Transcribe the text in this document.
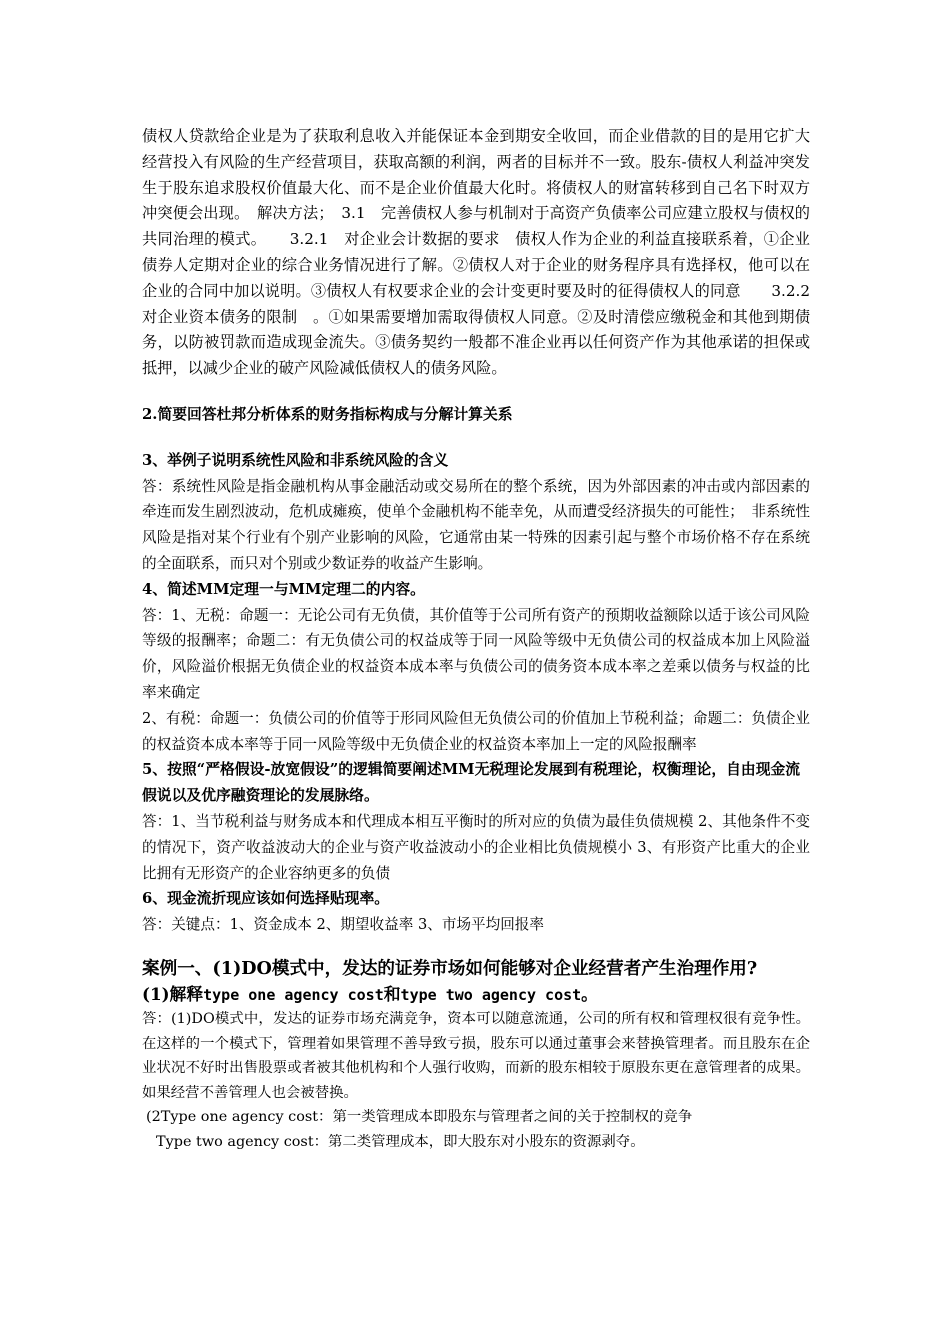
债权人贷款给企业是为了获取利息收入并能保证本金到期安全收回，而企业借款的目的是用它扩大经营投入有风险的生产经营项目，获取高额的利润，两者的目标并不一致。股东-债权人利益冲突发生于股东追求股权价值最大化、而不是企业价值最大化时。将债权人的财富转移到自己名下时双方冲突便会出现。　解决方法；　3.1　完善债权人参与机制对于高资产负债率公司应建立股权与债权的共同治理的模式。　　3.2.1　对企业会计数据的要求　债权人作为企业的利益直接联系着，①企业债券人定期对企业的综合业务情况进行了解。②债权人对于企业的财务程序具有选择权，他可以在企业的合同中加以说明。③债权人有权要求企业的会计变更时要及时的征得债权人的同意　　3.2.2　对企业资本债务的限制　。①如果需要增加需取得债权人同意。②及时清偿应缴税金和其他到期债务，以防被罚款而造成现金流失。③债务契约一般都不准企业再以任何资产作为其他承诺的担保或抵押，以减少企业的破产风险减低债权人的债务风险。

2.简要回答杜邦分析体系的财务指标构成与分解计算关系

3、举例子说明系统性风险和非系统风险的含义

答：系统性风险是指金融机构从事金融活动或交易所在的整个系统，因为外部因素的冲击或内部因素的牵连而发生剧烈波动，危机成瘫痪，使单个金融机构不能幸免，从而遭受经济损失的可能性；　非系统性风险是指对某个行业有个别产业影响的风险，它通常由某一特殊的因素引起与整个市场价格不存在系统的全面联系，而只对个别或少数证券的收益产生影响。

4、简述MM定理一与MM定理二的内容。

答：1、无税：命题一：无论公司有无负债，其价值等于公司所有资产的预期收益额除以适于该公司风险等级的报酬率；命题二：有无负债公司的权益成等于同一风险等级中无负债公司的权益成本加上风险溢价，风险溢价根据无负债企业的权益资本成本率与负债公司的债务资本成本率之差乘以债务与权益的比率来确定

2、有税：命题一：负债公司的价值等于形同风险但无负债公司的价值加上节税利益；命题二：负债企业的权益资本成本率等于同一风险等级中无负债企业的权益资本率加上一定的风险报酬率

5、按照“严格假设-放宽假设”的逻辑简要阐述MM无税理论发展到有税理论，权衡理论，自由现金流假说以及优序融资理论的发展脉络。

答：1、当节税利益与财务成本和代理成本相互平衡时的所对应的负债为最佳负债规模 2、其他条件不变的情况下，资产收益波动大的企业与资产收益波动小的企业相比负债规模小 3、有形资产比重大的企业比拥有无形资产的企业容纳更多的负债

6、现金流折现应该如何选择贴现率。

答：关键点：1、资金成本 2、期望收益率 3、市场平均回报率

案例一、(1)DO模式中，发达的证券市场如何能够对企业经营者产生治理作用?

(1)解释type one agency cost和type two agency cost。

答：(1)DO模式中，发达的证券市场充满竞争，资本可以随意流通，公司的所有权和管理权很有竞争性。在这样的一个模式下，管理着如果管理不善导致亏损，股东可以通过董事会来替换管理者。而且股东在企业状况不好时出售股票或者被其他机构和个人强行收购，而新的股东相较于原股东更在意管理者的成果。如果经营不善管理人也会被替换。

(2Type one agency cost：第一类管理成本即股东与管理者之间的关于控制权的竞争

Type two agency cost：第二类管理成本，即大股东对小股东的资源剥夺。
